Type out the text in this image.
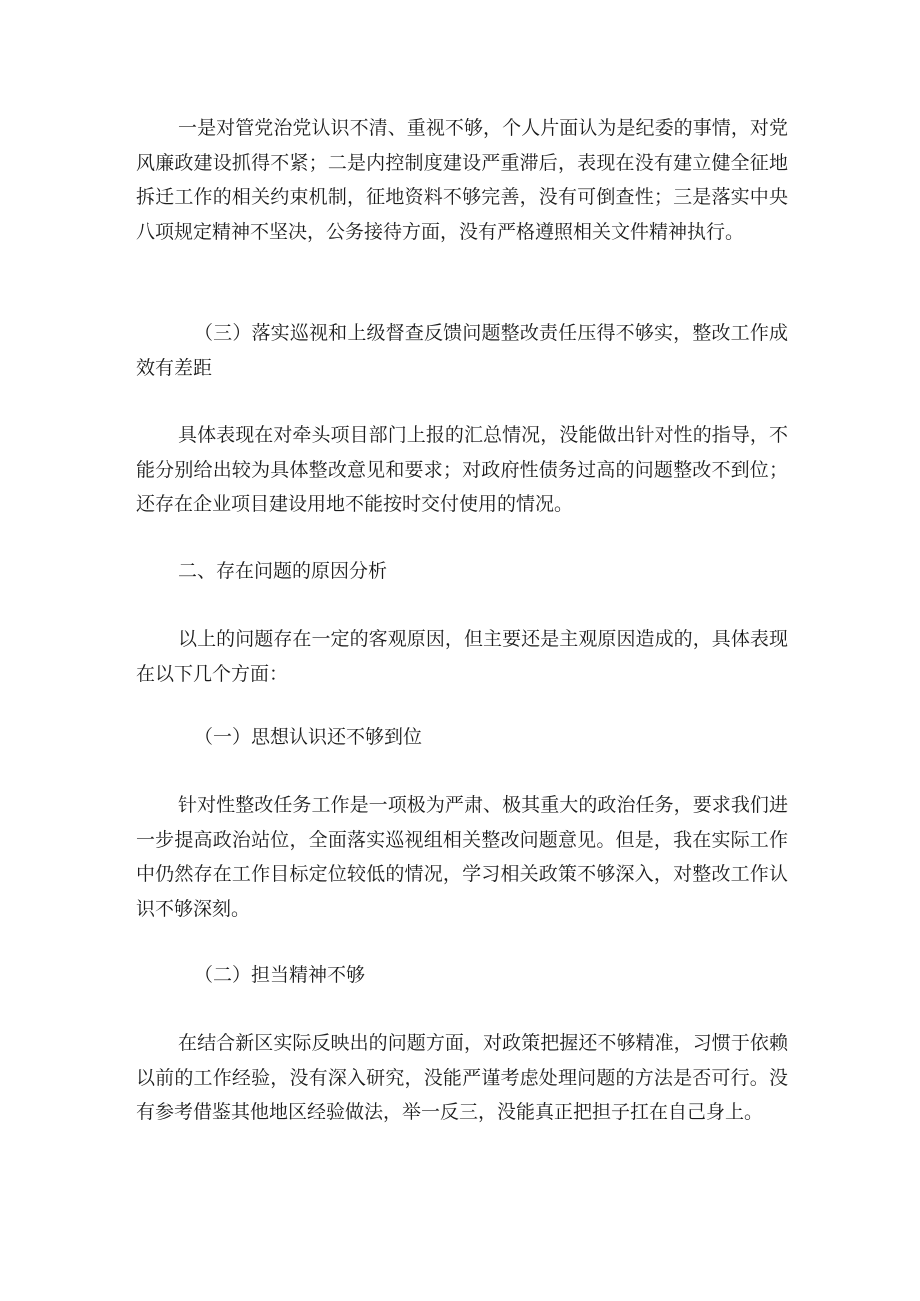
一是对管党治党认识不清、重视不够，个人片面认为是纪委的事情，对党风廉政建设抓得不紧；二是内控制度建设严重滞后，表现在没有建立健全征地拆迁工作的相关约束机制，征地资料不够完善，没有可倒查性；三是落实中央八项规定精神不坚决，公务接待方面，没有严格遵照相关文件精神执行。

（三）落实巡视和上级督查反馈问题整改责任压得不够实，整改工作成效有差距

具体表现在对牵头项目部门上报的汇总情况，没能做出针对性的指导，不能分别给出较为具体整改意见和要求；对政府性债务过高的问题整改不到位；还存在企业项目建设用地不能按时交付使用的情况。

二、存在问题的原因分析

以上的问题存在一定的客观原因，但主要还是主观原因造成的，具体表现在以下几个方面：

（一）思想认识还不够到位

针对性整改任务工作是一项极为严肃、极其重大的政治任务，要求我们进一步提高政治站位，全面落实巡视组相关整改问题意见。但是，我在实际工作中仍然存在工作目标定位较低的情况，学习相关政策不够深入，对整改工作认识不够深刻。

（二）担当精神不够

在结合新区实际反映出的问题方面，对政策把握还不够精准，习惯于依赖以前的工作经验，没有深入研究，没能严谨考虑处理问题的方法是否可行。没有参考借鉴其他地区经验做法，举一反三，没能真正把担子扛在自己身上。
